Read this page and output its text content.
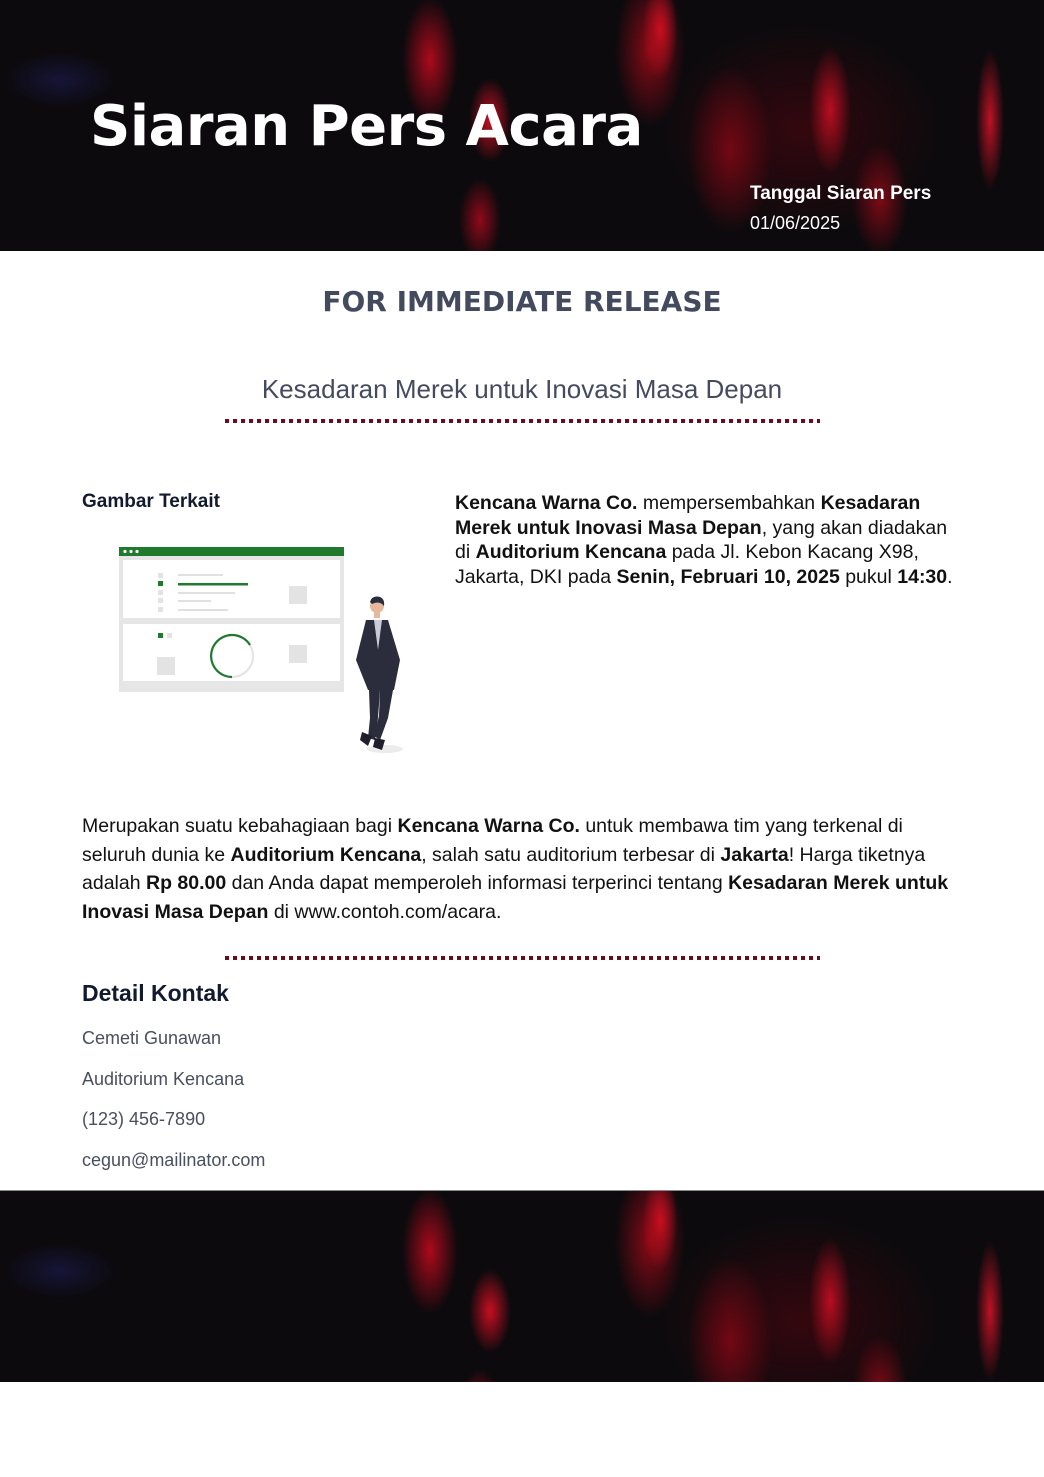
Siaran Pers Acara
Tanggal Siaran Pers
01/06/2025
FOR IMMEDIATE RELEASE
Kesadaran Merek untuk Inovasi Masa Depan
Gambar Terkait	Kencana Warna Co. mempersembahkan Kesadaran Merek untuk Inovasi Masa Depan, yang akan diadakan di Auditorium Kencana pada Jl. Kebon Kacang X98, Jakarta, DKI pada Senin, Februari 10, 2025 pukul 14:30.
Merupakan suatu kebahagiaan bagi Kencana Warna Co. untuk membawa tim yang terkenal di seluruh dunia ke Auditorium Kencana, salah satu auditorium terbesar di Jakarta! Harga tiketnya adalah Rp 80.00 dan Anda dapat memperoleh informasi terperinci tentang Kesadaran Merek untuk Inovasi Masa Depan di www.contoh.com/acara.
Detail Kontak
Cemeti Gunawan
Auditorium Kencana
(123) 456-7890
cegun@mailinator.com
